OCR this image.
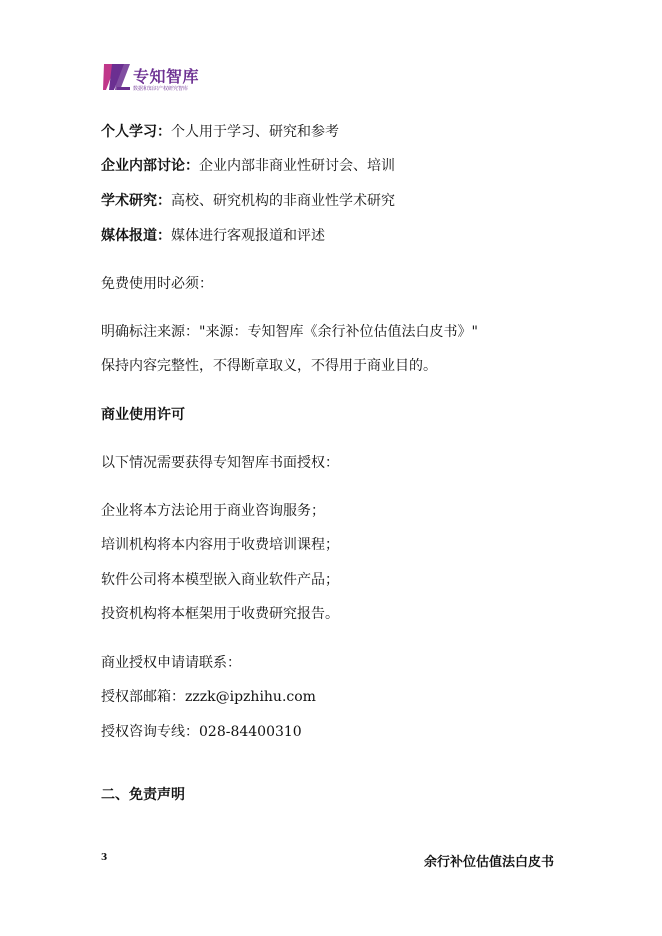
专知智库
数据和知识产权研究智库
个人学习：个人用于学习、研究和参考
企业内部讨论：企业内部非商业性研讨会、培训
学术研究：高校、研究机构的非商业性学术研究
媒体报道：媒体进行客观报道和评述
免费使用时必须：
明确标注来源："来源：专知智库《余行补位估值法白皮书》"
保持内容完整性，不得断章取义，不得用于商业目的。
商业使用许可
以下情况需要获得专知智库书面授权：
企业将本方法论用于商业咨询服务；
培训机构将本内容用于收费培训课程；
软件公司将本模型嵌入商业软件产品；
投资机构将本框架用于收费研究报告。
商业授权申请请联系：
授权部邮箱：zzzk@ipzhihu.com
授权咨询专线：028-84400310
二、免责声明
3	余行补位估值法白皮书
